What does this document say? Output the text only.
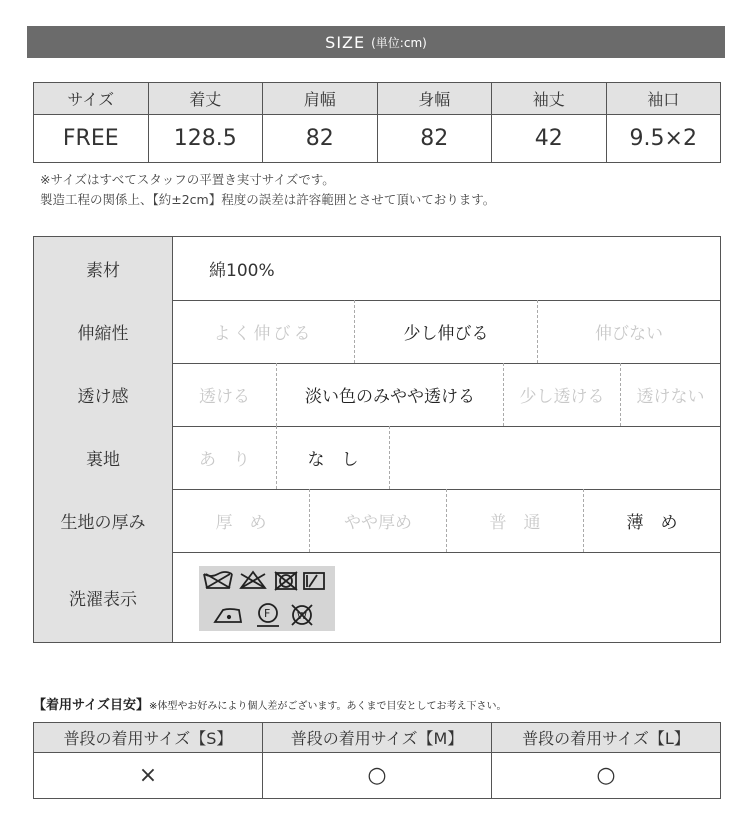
SIZE (単位:cm)
サイズ	着丈	肩幅	身幅	袖丈	袖口
FREE	128.5	82	82	42	9.5×2
※サイズはすべてスタッフの平置き実寸サイズです。
製造工程の関係上、【約±2cm】程度の誤差は許容範囲とさせて頂いております。
素材	綿100%
伸縮性	よく伸びる	少し伸びる	伸びない
透け感	透ける	淡い色のみやや透ける	少し透ける	透けない
裏地	あ　り	な　し
生地の厚み	厚　め	やや厚め	普　通	薄　め
洗濯表示
F	W
【着用サイズ目安】※体型やお好みにより個人差がございます。あくまで目安としてお考え下さい。
普段の着用サイズ【S】	普段の着用サイズ【M】	普段の着用サイズ【L】
×	○	○
